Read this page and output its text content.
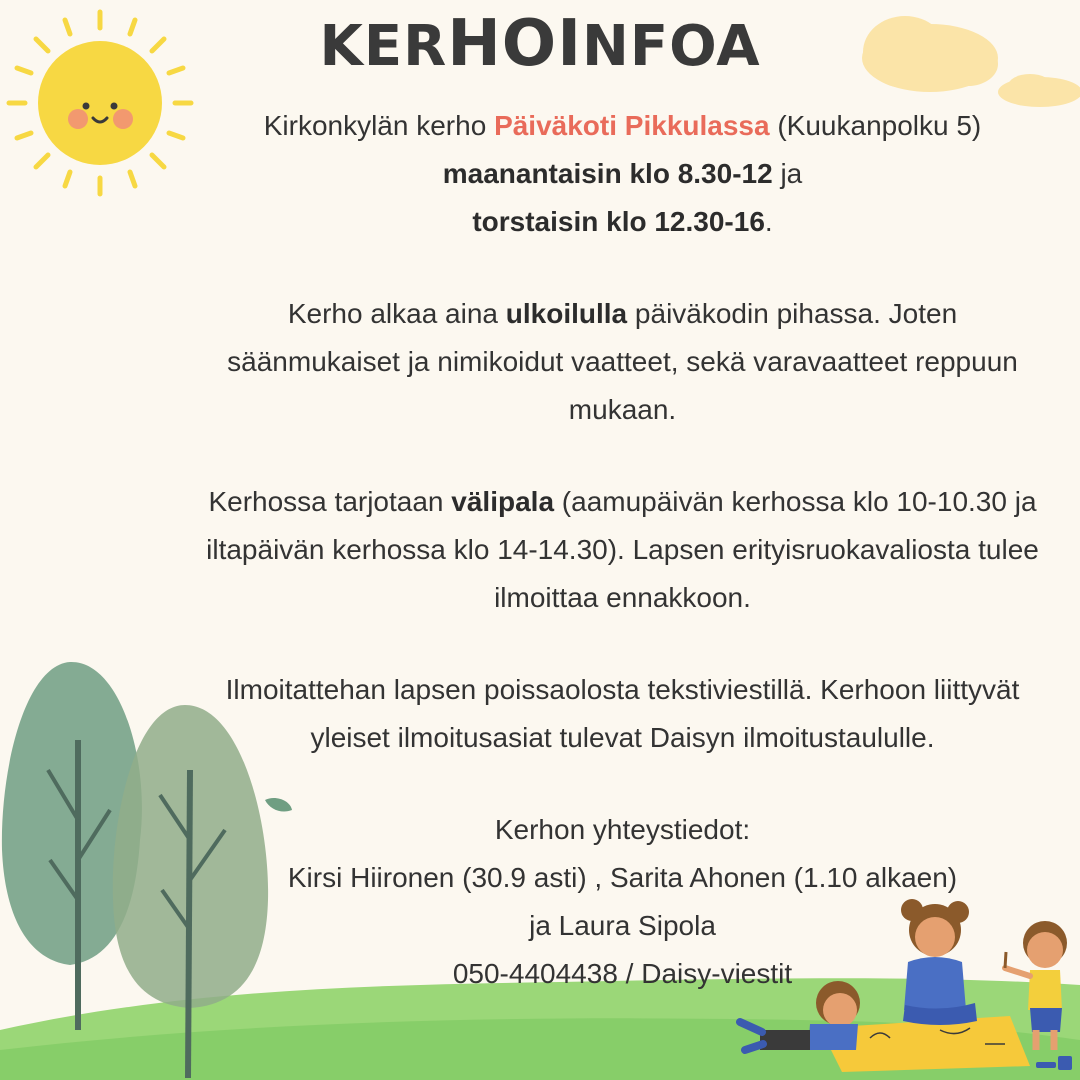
KERHOINFOA

Kirkonkylän kerho Päiväkoti Pikkulassa (Kuukanpolku 5)
maanantaisin klo 8.30-12 ja
torstaisin klo 12.30-16.

Kerho alkaa aina ulkoilulla päiväkodin pihassa. Joten säänmukaiset ja nimikoidut vaatteet, sekä varavaatteet reppuun mukaan.

Kerhossa tarjotaan välipala (aamupäivän kerhossa klo 10-10.30 ja iltapäivän kerhossa klo 14-14.30). Lapsen erityisruokavaliosta tulee ilmoittaa ennakkoon.

Ilmoitattehan lapsen poissaolosta tekstiviestillä. Kerhoon liittyvät yleiset ilmoitusasiat tulevat Daisyn ilmoitustaululle.

Kerhon yhteystiedot:
Kirsi Hiironen (30.9 asti) , Sarita Ahonen (1.10 alkaen)
ja Laura Sipola
050-4404438 / Daisy-viestit
